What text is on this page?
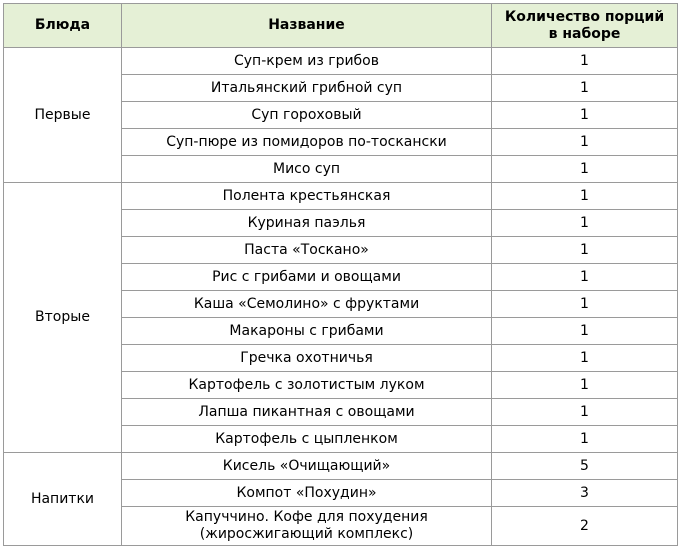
Блюда	Название	Количество порций
в наборе
Первые	Суп-крем из грибов	1
	Итальянский грибной суп	1
	Суп гороховый	1
	Суп-пюре из помидоров по-тоскански	1
	Мисо суп	1
Вторые	Полента крестьянская	1
	Куриная паэлья	1
	Паста «Тоскано»	1
	Рис с грибами и овощами	1
	Каша «Семолино» с фруктами	1
	Макароны с грибами	1
	Гречка охотничья	1
	Картофель с золотистым луком	1
	Лапша пикантная с овощами	1
	Картофель с цыпленком	1
Напитки	Кисель «Очищающий»	5
	Компот «Похудин»	3
	Капуччино. Кофе для похудения
(жиросжигающий комплекс)	2
